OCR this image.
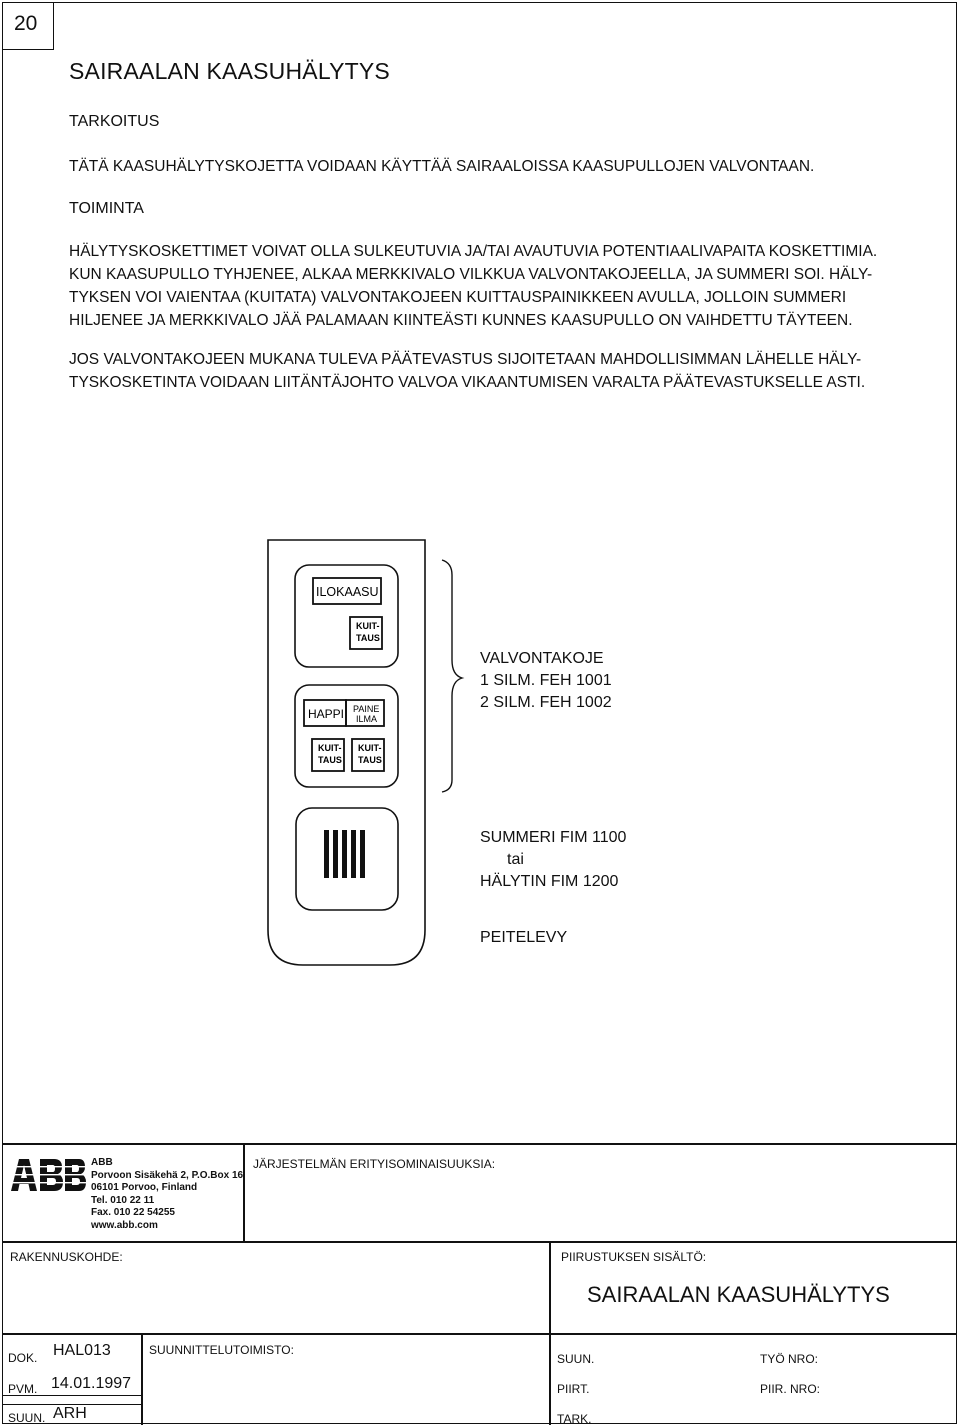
20
SAIRAALAN KAASUHÄLYTYS
TARKOITUS

TÄTÄ KAASUHÄLYTYSKOJETTA VOIDAAN KÄYTTÄÄ SAIRAALOISSA KAASUPULLOJEN VALVONTAAN.

TOIMINTA

HÄLYTYSKOSKETTIMET VOIVAT OLLA SULKEUTUVIA JA/TAI AVAUTUVIA POTENTIAALIVAPAITA KOSKETTIMIA.
KUN KAASUPULLO TYHJENEE, ALKAA MERKKIVALO VILKKUA VALVONTAKOJEELLA, JA SUMMERI SOI. HÄLY-
TYKSEN VOI VAIENTAA (KUITATA) VALVONTAKOJEEN KUITTAUSPAINIKKEEN AVULLA, JOLLOIN SUMMERI
HILJENEE JA MERKKIVALO JÄÄ PALAMAAN KIINTEÄSTI KUNNES KAASUPULLO ON VAIHDETTU TÄYTEEN.

JOS VALVONTAKOJEEN MUKANA TULEVA PÄÄTEVASTUS SIJOITETAAN MAHDOLLISIMMAN LÄHELLE HÄLY-
TYSKOSKETINTA VOIDAAN LIITÄNTÄJOHTO VALVOA VIKAANTUMISEN VARALTA PÄÄTEVASTUKSELLE ASTI.

ILOKAASU
KUIT-
TAUS
HAPPI PAINE
ILMA
KUIT-
TAUS
KUIT-
TAUS
VALVONTAKOJE
1 SILM. FEH 1001
2 SILM. FEH 1002
SUMMERI FIM 1100
tai
HÄLYTIN FIM 1200
PEITELEVY
ABB
Porvoon Sisäkehä 2, P.O.Box 16
06101 Porvoo, Finland
Tel. 010 22 11
Fax. 010 22 54255
www.abb.com
JÄRJESTELMÄN ERITYISOMINAISUUKSIA:
RAKENNUSKOHDE:	PIIRUSTUKSEN SISÄLTÖ:
SAIRAALAN KAASUHÄLYTYS
DOK. HAL013
PVM. 14.01.1997
SUUN. ARH
SUUNNITTELUTOIMISTO:
SUUN.
PIIRT.
TARK.
TYÖ NRO:
PIIR. NRO:
